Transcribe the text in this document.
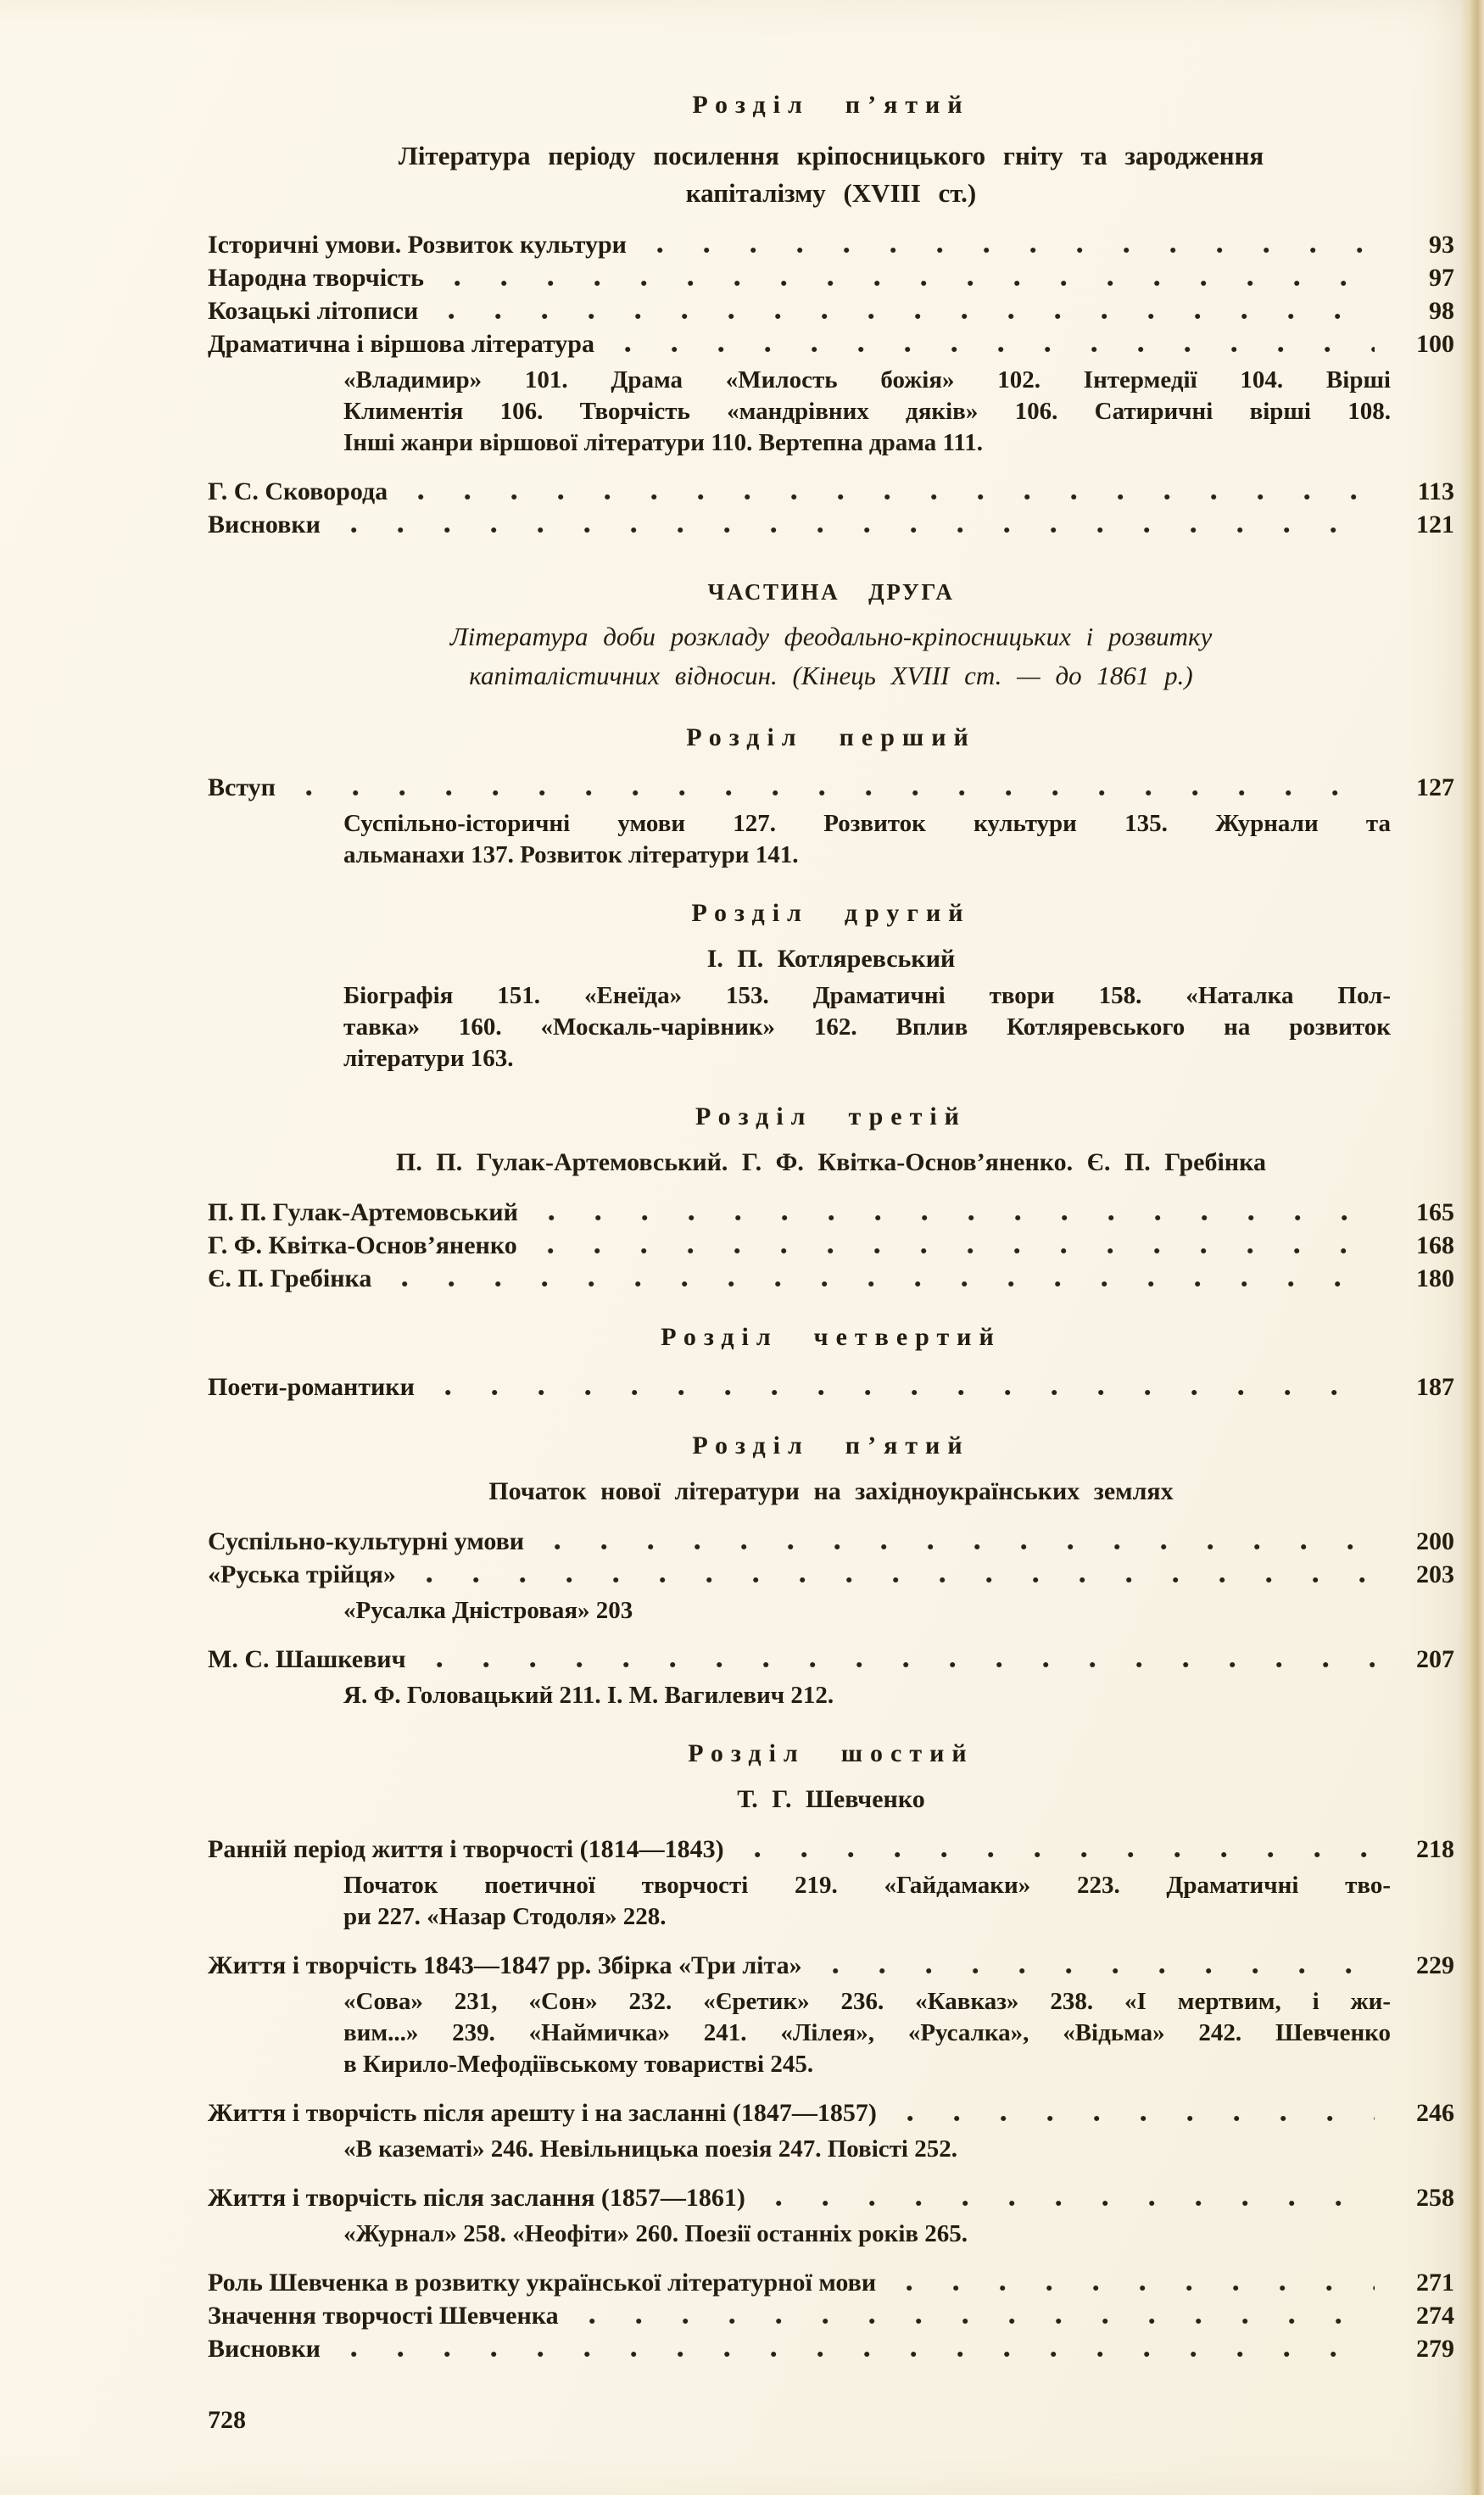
Розділ п’ятий
Література періоду посилення кріпосницького гніту та зародження
капіталізму (XVIII ст.)
Історичні умови. Розвиток культури	93
Народна творчість	97
Козацькі літописи	98
Драматична і віршова література	100
«Владимир» 101. Драма «Милость божія» 102. Інтермедії 104. Вірші
Климентія 106. Творчість «мандрівних дяків» 106. Сатиричні вірші 108.
Інші жанри віршової літератури 110. Вертепна драма 111.
Г. С. Сковорода	113
Висновки	121
ЧАСТИНА ДРУГА
Література доби розкладу феодально-кріпосницьких і розвитку
капіталістичних відносин. (Кінець XVIII ст. — до 1861 р.)
Розділ перший
Вступ	127
Суспільно-історичні умови 127. Розвиток культури 135. Журнали та
альманахи 137. Розвиток літератури 141.
Розділ другий
І. П. Котляревський
Біографія 151. «Енеїда» 153. Драматичні твори 158. «Наталка Пол-
тавка» 160. «Москаль-чарівник» 162. Вплив Котляревського на розвиток
літератури 163.
Розділ третій
П. П. Гулак-Артемовський. Г. Ф. Квітка-Основ’яненко. Є. П. Гребінка
П. П. Гулак-Артемовський	165
Г. Ф. Квітка-Основ’яненко	168
Є. П. Гребінка	180
Розділ четвертий
Поети-романтики	187
Розділ п’ятий
Початок нової літератури на західноукраїнських землях
Суспільно-культурні умови	200
«Руська трійця»	203
«Русалка Дністровая» 203
М. С. Шашкевич	207
Я. Ф. Головацький 211. І. М. Вагилевич 212.
Розділ шостий
Т. Г. Шевченко
Ранній період життя і творчості (1814—1843)	218
Початок поетичної творчості 219. «Гайдамаки» 223. Драматичні тво-
ри 227. «Назар Стодоля» 228.
Життя і творчість 1843—1847 рр. Збірка «Три літа»	229
«Сова» 231, «Сон» 232. «Єретик» 236. «Кавказ» 238. «І мертвим, і жи-
вим...» 239. «Наймичка» 241. «Лілея», «Русалка», «Відьма» 242. Шевченко
в Кирило-Мефодіївському товаристві 245.
Життя і творчість після арешту і на засланні (1847—1857)	246
«В казематі» 246. Невільницька поезія 247. Повісті 252.
Життя і творчість після заслання (1857—1861)	258
«Журнал» 258. «Неофіти» 260. Поезії останніх років 265.
Роль Шевченка в розвитку української літературної мови	271
Значення творчості Шевченка	274
Висновки	279
728
